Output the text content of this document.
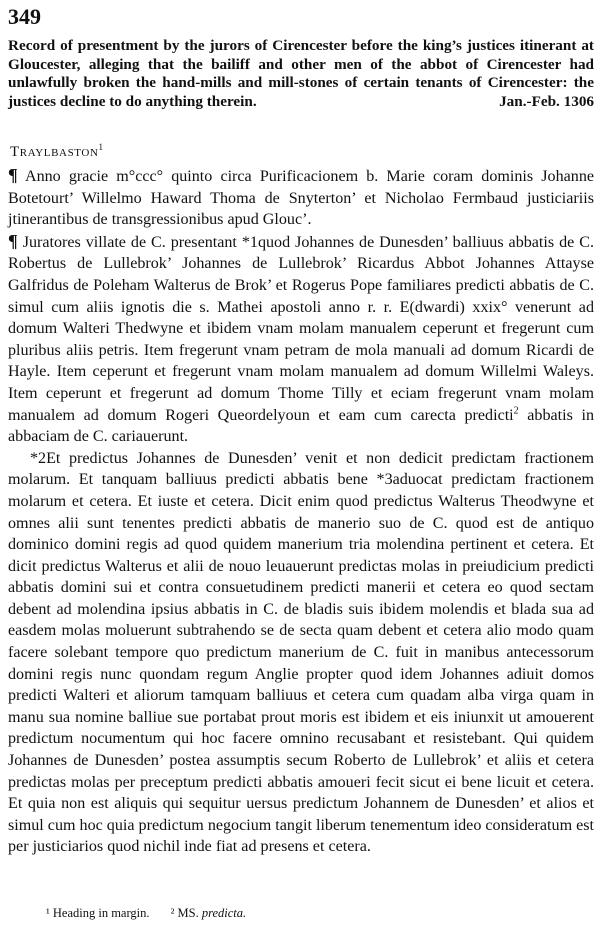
349
Record of presentment by the jurors of Cirencester before the king’s justices itinerant at Gloucester, alleging that the bailiff and other men of the abbot of Cirencester had unlawfully broken the hand-mills and mill-stones of certain tenants of Cirencester: the justices decline to do anything therein.	Jan.-Feb. 1306
Traylbaston$^1$

¶ Anno gracie m°ccc° quinto circa Purificacionem b. Marie coram dominis Johanne Botetourt’ Willelmo Haward Thoma de Snyterton’ et Nicholao Fermbaud justiciariis jtinerantibus de transgressionibus apud Glouc’.

¶ Juratores villate de C. presentant *1quod Johannes de Dunesden’ balliuus abbatis de C. Robertus de Lullebrok’ Johannes de Lullebrok’ Ricardus Abbot Johannes Attayse Galfridus de Poleham Walterus de Brok’ et Rogerus Pope familiares predicti abbatis de C. simul cum aliis ignotis die s. Mathei apostoli anno r. r. E(dwardi) xxix° venerunt ad domum Walteri Thedwyne et ibidem vnam molam manualem ceperunt et fregerunt cum pluribus aliis petris. Item fregerunt vnam petram de mola manuali ad domum Ricardi de Hayle. Item ceperunt et fregerunt vnam molam manualem ad domum Willelmi Waleys. Item ceperunt et fregerunt ad domum Thome Tilly et eciam fregerunt vnam molam manualem ad domum Rogeri Queordelyoun et eam cum carecta predicti$^2$ abbatis in abbaciam de C. cariauerunt.

*2Et predictus Johannes de Dunesden’ venit et non dedicit predictam fractionem molarum. Et tanquam balliuus predicti abbatis bene *3aduocat predictam fractionem molarum et cetera. Et iuste et cetera. Dicit enim quod predictus Walterus Theodwyne et omnes alii sunt tenentes predicti abbatis de manerio suo de C. quod est de antiquo dominico domini regis ad quod quidem manerium tria molendina pertinent et cetera. Et dicit predictus Walterus et alii de nouo leuauerunt predictas molas in preiudicium predicti abbatis domini sui et contra consuetudinem predicti manerii et cetera eo quod sectam debent ad molendina ipsius abbatis in C. de bladis suis ibidem molendis et blada sua ad easdem molas moluerunt subtrahendo se de secta quam debent et cetera alio modo quam facere solebant tempore quo predictum manerium de C. fuit in manibus antecessorum domini regis nunc quondam regum Anglie propter quod idem Johannes adiuit domos predicti Walteri et aliorum tamquam balliuus et cetera cum quadam alba virga quam in manu sua nomine balliue sue portabat prout moris est ibidem et eis iniunxit ut amouerent predictum nocumentum qui hoc facere omnino recusabant et resistebant. Qui quidem Johannes de Dunesden’ postea assumptis secum Roberto de Lullebrok’ et aliis et cetera predictas molas per preceptum predicti abbatis amoueri fecit sicut ei bene licuit et cetera. Et quia non est aliquis qui sequitur uersus predictum Johannem de Dunesden’ et alios et simul cum hoc quia predictum negocium tangit liberum tenementum ideo consideratum est per justiciarios quod nichil inde fiat ad presens et cetera.

¹ Heading in margin. ² MS. predicta.
